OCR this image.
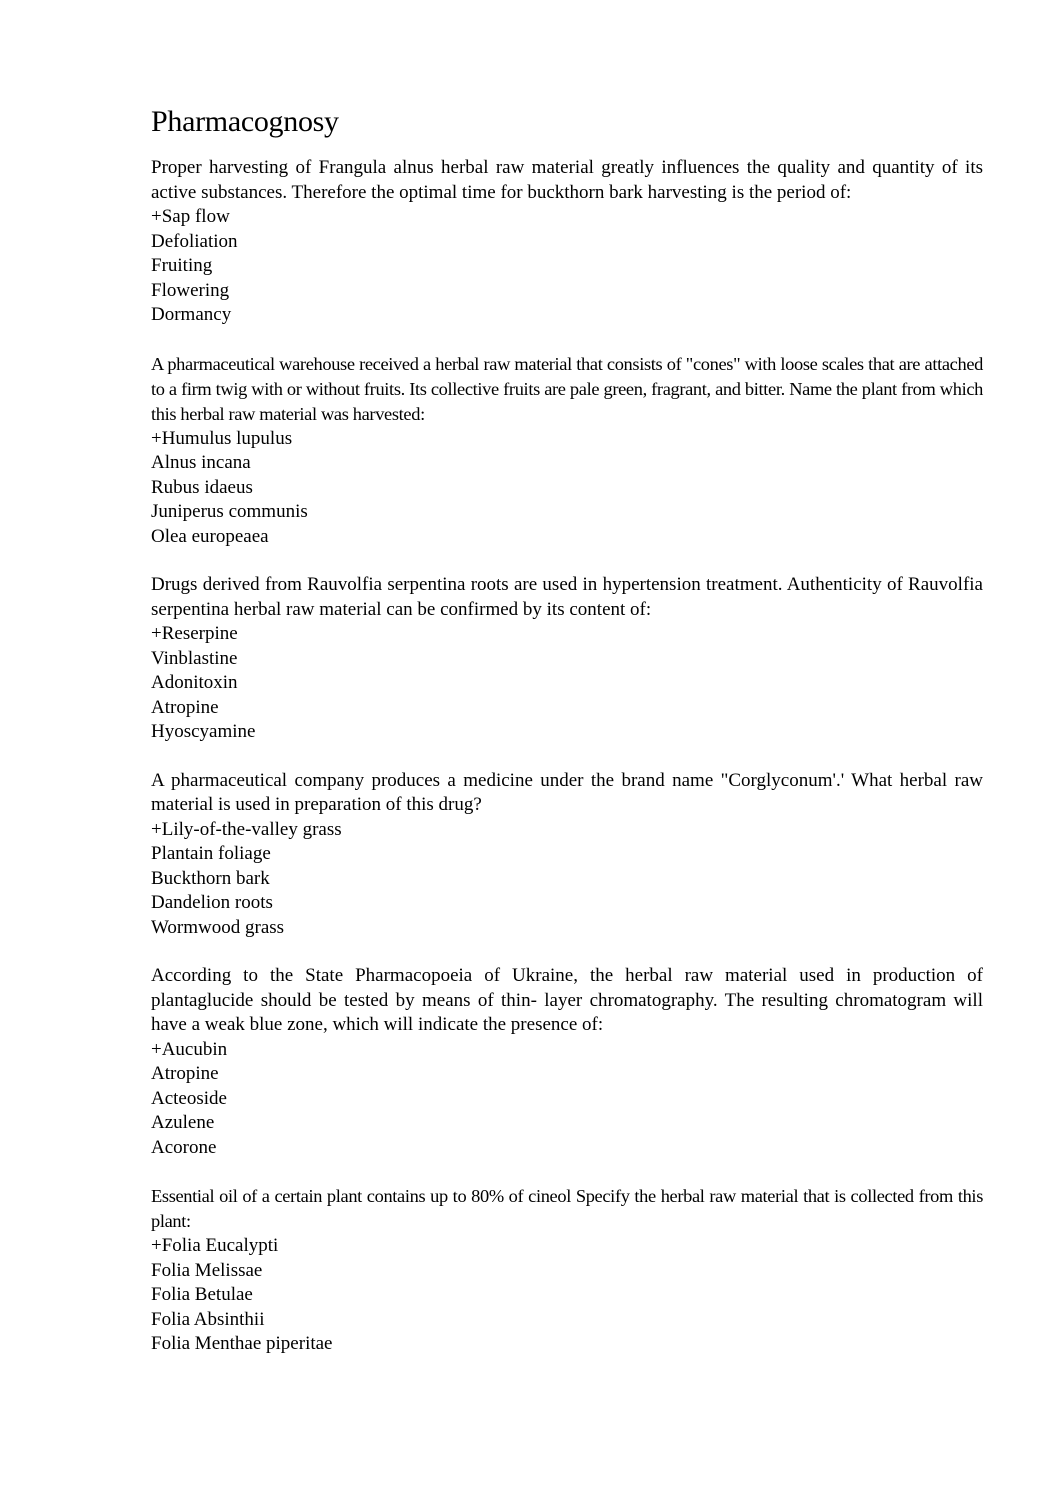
Pharmacognosy

Proper harvesting of Frangula alnus herbal raw material greatly influences the quality and quantity of its active substances. Therefore the optimal time for buckthorn bark harvesting is the period of:

+Sap flow
Defoliation
Fruiting
Flowering
Dormancy

A pharmaceutical warehouse received a herbal raw material that consists of "cones" with loose scales that are attached to a firm twig with or without fruits. Its collective fruits are pale green, fragrant, and bitter. Name the plant from which this herbal raw material was harvested:

+Humulus lupulus
Alnus incana
Rubus idaeus
Juniperus communis
Olea europeaea

Drugs derived from Rauvolfia serpentina roots are used in hypertension treatment. Authenticity of Rauvolfia serpentina herbal raw material can be confirmed by its content of:

+Reserpine
Vinblastine
Adonitoxin
Atropine
Hyoscyamine

A pharmaceutical company produces a medicine under the brand name "Corglyconum'.' What herbal raw material is used in preparation of this drug?

+Lily-of-the-valley grass
Plantain foliage
Buckthorn bark
Dandelion roots
Wormwood grass

According to the State Pharmacopoeia of Ukraine, the herbal raw material used in production of plantaglucide should be tested by means of thin- layer chromatography. The resulting chromatogram will have a weak blue zone, which will indicate the presence of:

+Aucubin
Atropine
Acteoside
Azulene
Acorone

Essential oil of a certain plant contains up to 80% of cineol Specify the herbal raw material that is collected from this plant:

+Folia Eucalypti
Folia Melissae
Folia Betulae
Folia Absinthii
Folia Menthae piperitae
